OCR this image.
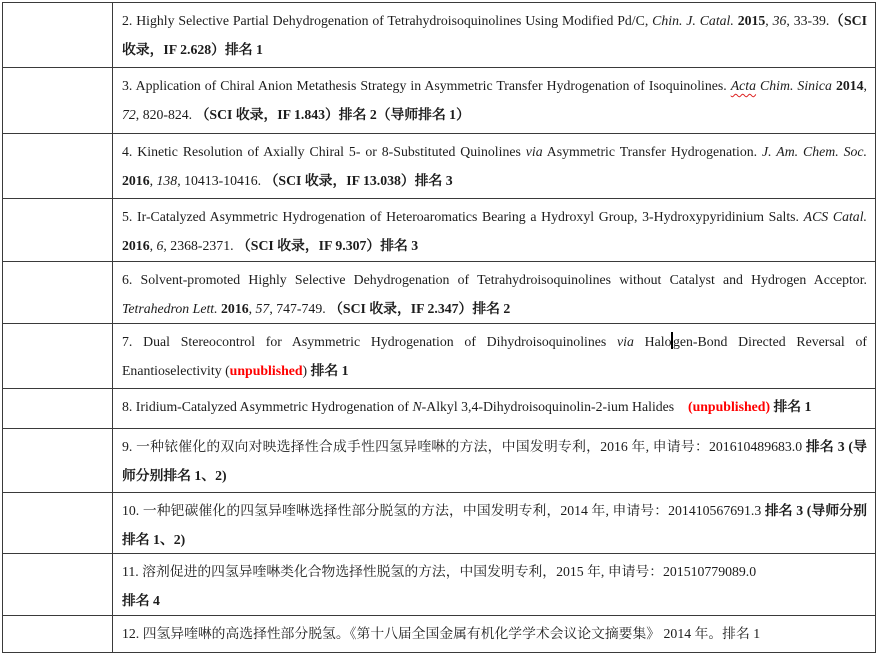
2. Highly Selective Partial Dehydrogenation of Tetrahydroisoquinolines Using Modified Pd/C, Chin. J. Catal. 2015, 36, 33-39.（SCI 收录，IF 2.628）排名 1
3. Application of Chiral Anion Metathesis Strategy in Asymmetric Transfer Hydrogenation of Isoquinolines. Acta Chim. Sinica 2014, 72, 820-824. （SCI 收录，IF 1.843）排名 2（导师排名 1）
4. Kinetic Resolution of Axially Chiral 5- or 8-Substituted Quinolines via Asymmetric Transfer Hydrogenation. J. Am. Chem. Soc. 2016, 138, 10413-10416. （SCI 收录，IF 13.038）排名 3
5. Ir-Catalyzed Asymmetric Hydrogenation of Heteroaromatics Bearing a Hydroxyl Group, 3-Hydroxypyridinium Salts. ACS Catal. 2016, 6, 2368-2371. （SCI 收录，IF 9.307）排名 3
6. Solvent-promoted Highly Selective Dehydrogenation of Tetrahydroisoquinolines without Catalyst and Hydrogen Acceptor. Tetrahedron Lett. 2016, 57, 747-749. （SCI 收录，IF 2.347）排名 2
7. Dual Stereocontrol for Asymmetric Hydrogenation of Dihydroisoquinolines via Halo gen-Bond Directed Reversal of Enantioselectivity (unpublished) 排名 1
8. Iridium-Catalyzed Asymmetric Hydrogenation of N-Alkyl 3,4-Dihydroisoquinolin-2-ium Halides　(unpublished) 排名 1
9. 一种铱催化的双向对映选择性合成手性四氢异喹啉的方法，中国发明专利，2016 年, 申请号：201610489683.0 排名 3 (导师分别排名 1、2)
10. 一种钯碳催化的四氢异喹啉选择性部分脱氢的方法，中国发明专利，2014 年, 申请号：201410567691.3 排名 3 (导师分别排名 1、2)
11. 溶剂促进的四氢异喹啉类化合物选择性脱氢的方法，中国发明专利，2015 年, 申请号：201510779089.0
排名 4
12. 四氢异喹啉的高选择性部分脱氢。《第十八届全国金属有机化学学术会议论文摘要集》 2014 年。排名 1
